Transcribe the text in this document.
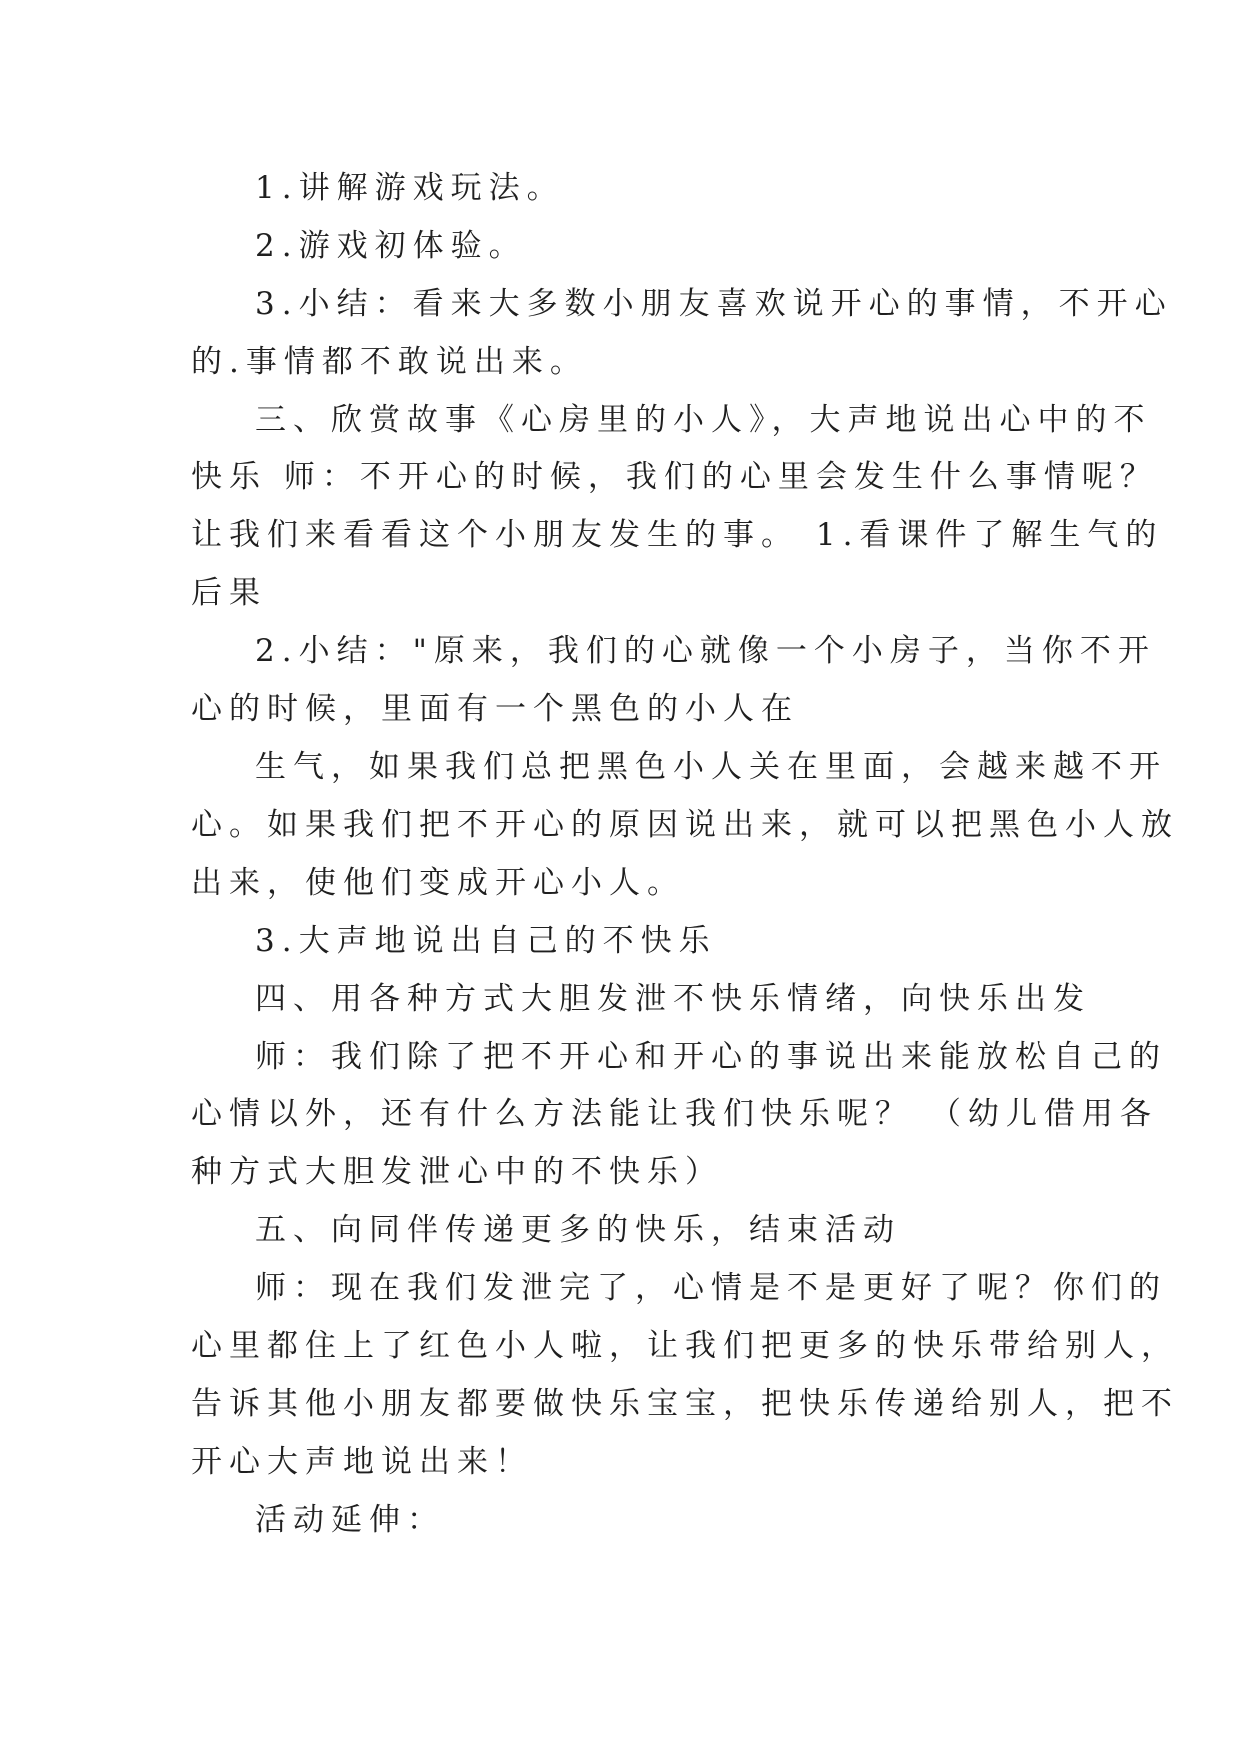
1.讲解游戏玩法。

2.游戏初体验。

3.小结：看来大多数小朋友喜欢说开心的事情，不开心

的.事情都不敢说出来。

三、欣赏故事《心房里的小人》，大声地说出心中的不

快乐 师：不开心的时候，我们的心里会发生什么事情呢？

让我们来看看这个小朋友发生的事。 1.看课件了解生气的

后果

2.小结："原来，我们的心就像一个小房子，当你不开

心的时候，里面有一个黑色的小人在

生气，如果我们总把黑色小人关在里面，会越来越不开

心。如果我们把不开心的原因说出来，就可以把黑色小人放

出来，使他们变成开心小人。

3.大声地说出自己的不快乐

四、用各种方式大胆发泄不快乐情绪，向快乐出发

师：我们除了把不开心和开心的事说出来能放松自己的

心情以外，还有什么方法能让我们快乐呢？ （幼儿借用各

种方式大胆发泄心中的不快乐）

五、向同伴传递更多的快乐，结束活动

师：现在我们发泄完了，心情是不是更好了呢？你们的

心里都住上了红色小人啦，让我们把更多的快乐带给别人，

告诉其他小朋友都要做快乐宝宝，把快乐传递给别人，把不

开心大声地说出来！

活动延伸：
